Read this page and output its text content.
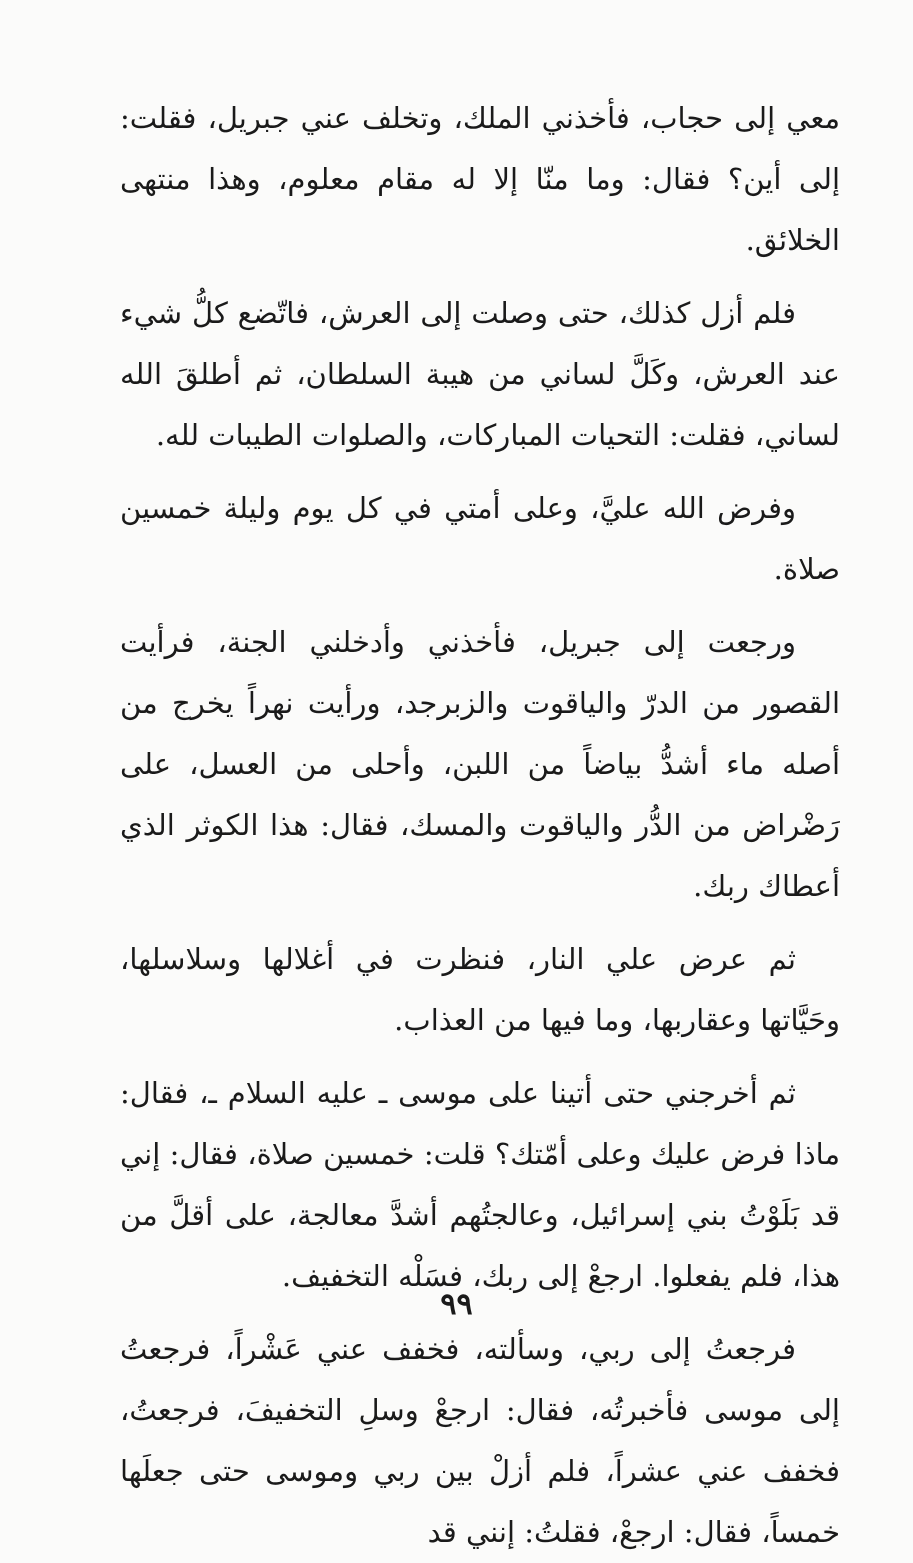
معي إلى حجاب، فأخذني الملك، وتخلف عني جبريل، فقلت: إلى أين؟ فقال: وما منّا إلا له مقام معلوم، وهذا منتهى الخلائق.

فلم أزل كذلك، حتى وصلت إلى العرش، فاتّضع كلُّ شيء عند العرش، وكَلَّ لساني من هيبة السلطان، ثم أطلقَ الله لساني، فقلت: التحيات المباركات، والصلوات الطيبات لله.

وفرض الله عليَّ، وعلى أمتي في كل يوم وليلة خمسين صلاة.

ورجعت إلى جبريل، فأخذني وأدخلني الجنة، فرأيت القصور من الدرّ والياقوت والزبرجد، ورأيت نهراً يخرج من أصله ماء أشدُّ بياضاً من اللبن، وأحلى من العسل، على رَضْراض من الدُّر والياقوت والمسك، فقال: هذا الكوثر الذي أعطاك ربك.

ثم عرض علي النار، فنظرت في أغلالها وسلاسلها، وحَيَّاتها وعقاربها، وما فيها من العذاب.

ثم أخرجني حتى أتينا على موسى ـ عليه السلام ـ، فقال: ماذا فرض عليك وعلى أمّتك؟ قلت: خمسين صلاة، فقال: إني قد بَلَوْتُ بني إسرائيل، وعالجتُهم أشدَّ معالجة، على أقلَّ من هذا، فلم يفعلوا. ارجعْ إلى ربك، فسَلْه التخفيف.

فرجعتُ إلى ربي، وسألته، فخفف عني عَشْراً، فرجعتُ إلى موسى فأخبرتُه، فقال: ارجعْ وسلِ التخفيفَ، فرجعتُ، فخفف عني عشراً، فلم أزلْ بين ربي وموسى حتى جعلَها خمساً، فقال: ارجعْ، فقلتُ: إنني قد

٩٩
